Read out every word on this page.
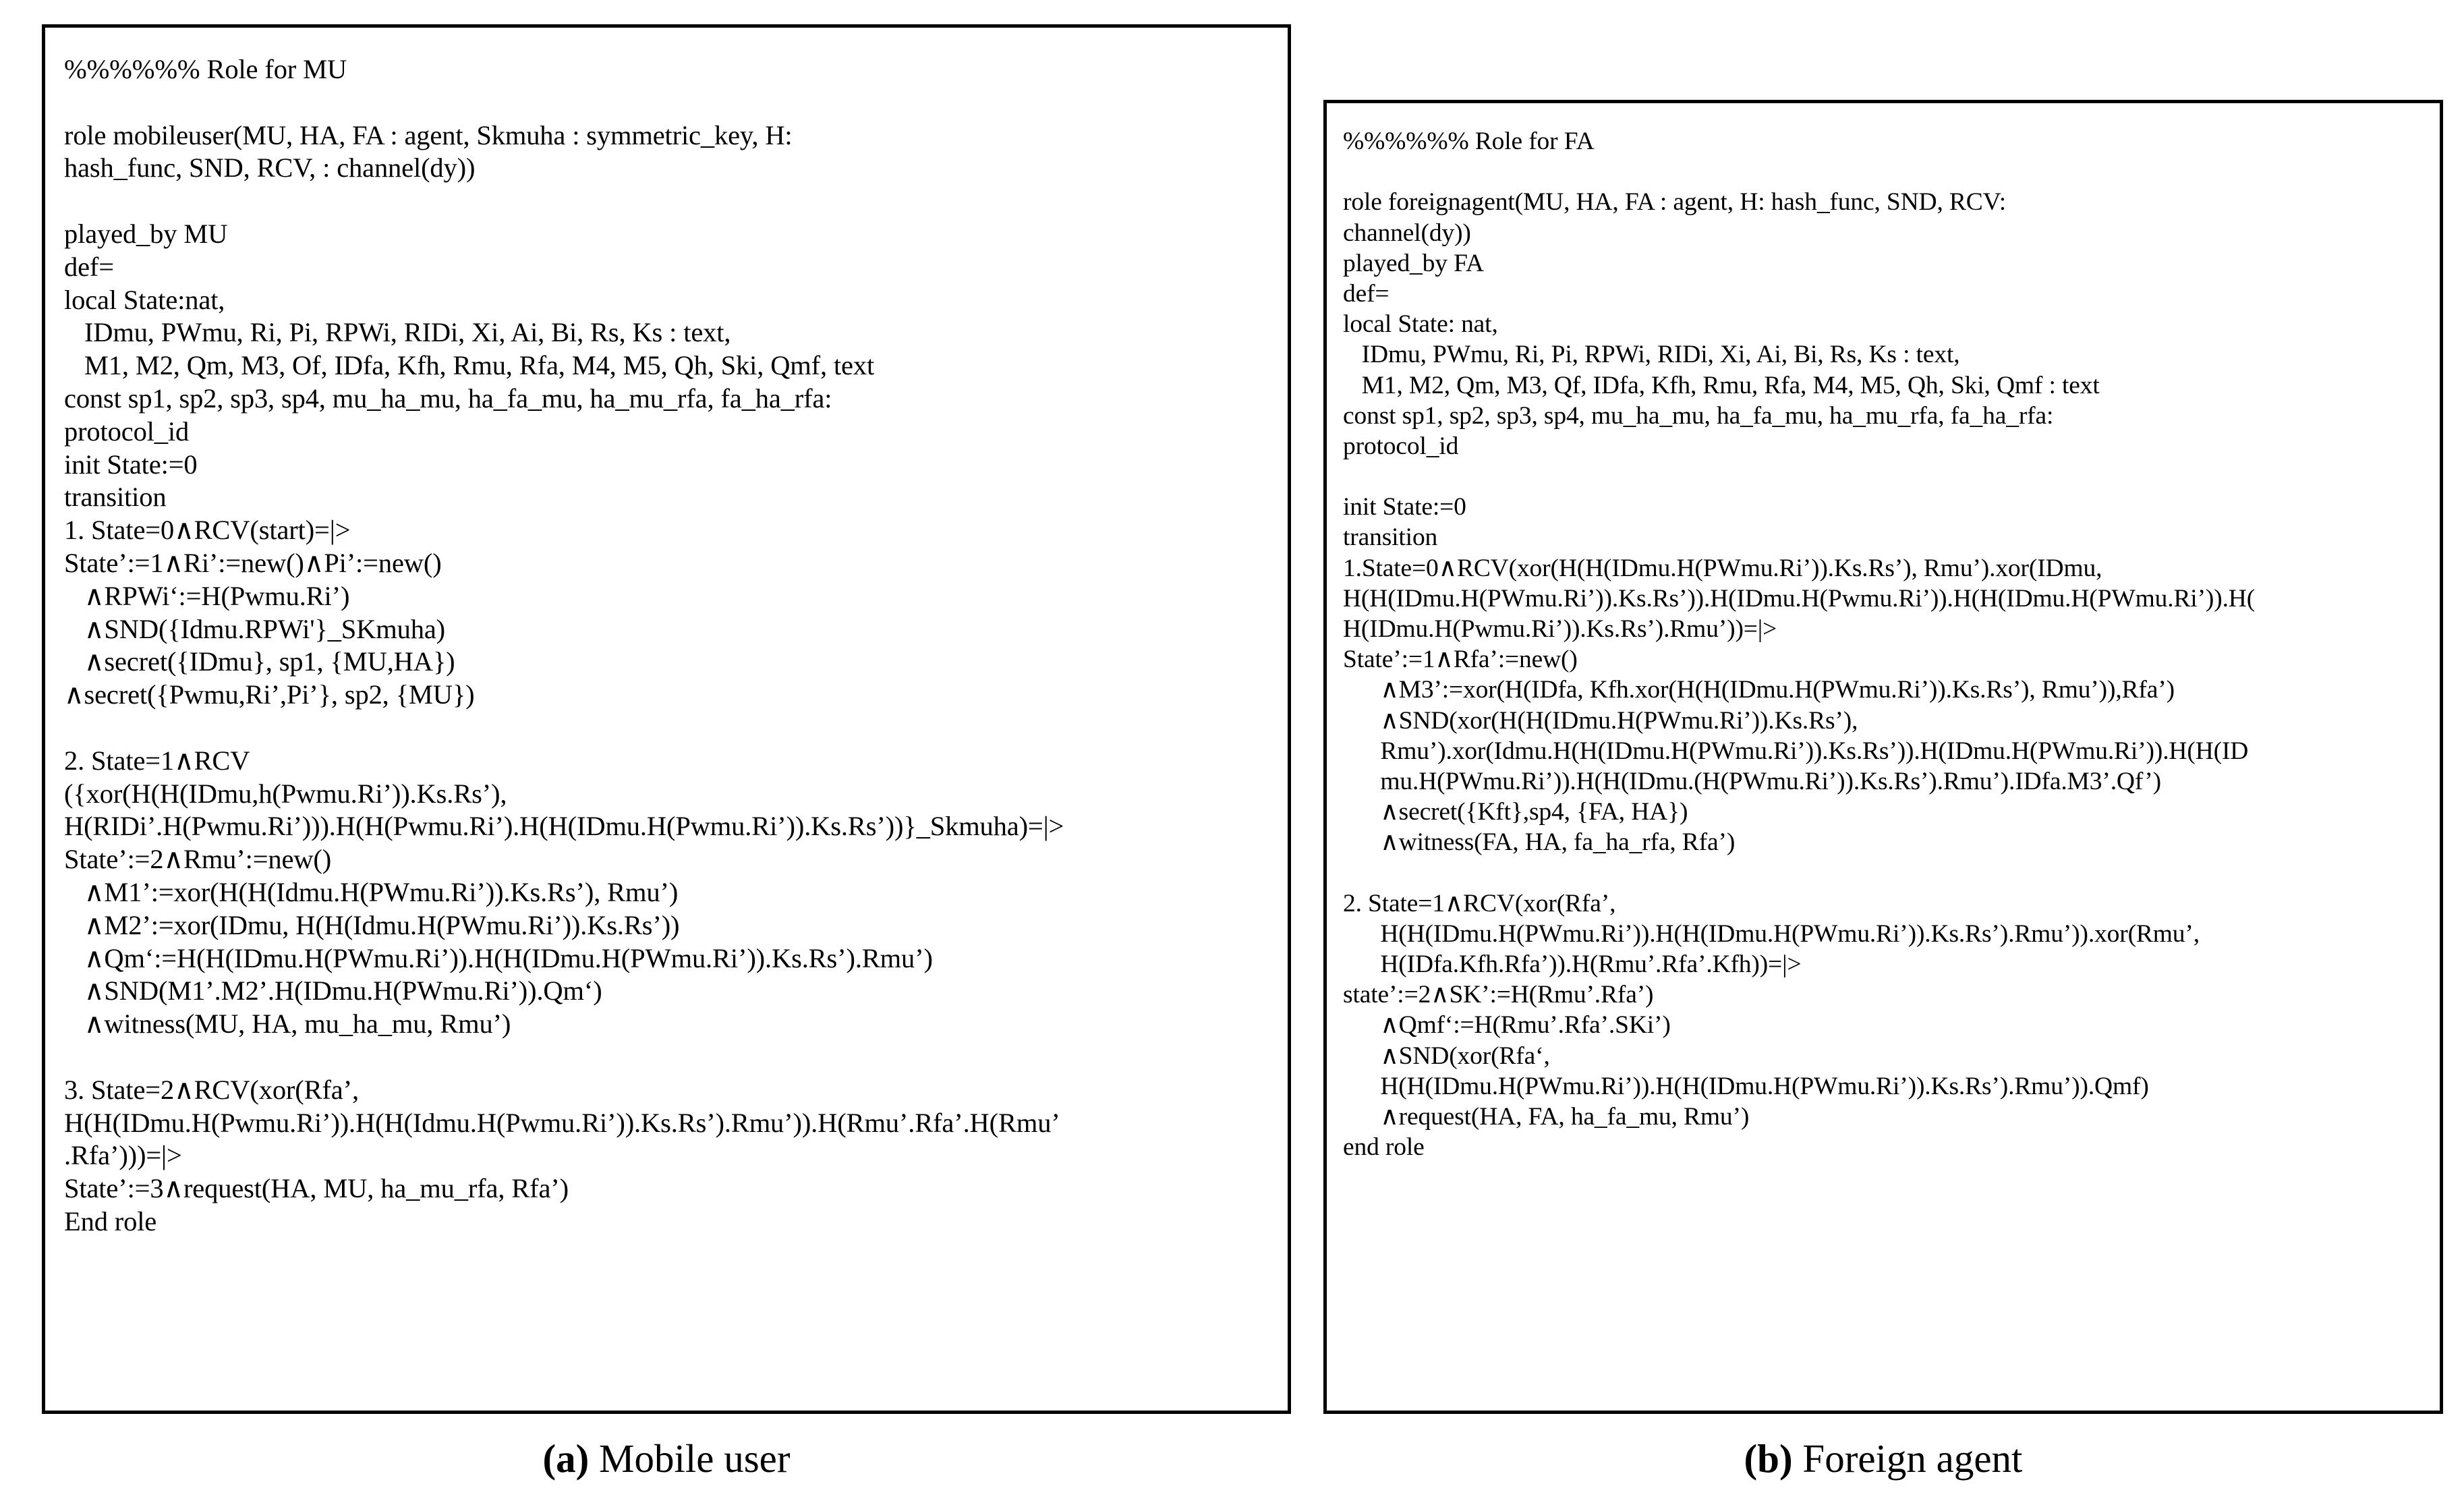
%%%%%% Role for MU

role mobileuser(MU, HA, FA : agent, Skmuha : symmetric_key, H:
hash_func, SND, RCV, : channel(dy))

played_by MU
def=
local State:nat,
IDmu, PWmu, Ri, Pi, RPWi, RIDi, Xi, Ai, Bi, Rs, Ks : text,
M1, M2, Qm, M3, Of, IDfa, Kfh, Rmu, Rfa, M4, M5, Qh, Ski, Qmf, text
const sp1, sp2, sp3, sp4, mu_ha_mu, ha_fa_mu, ha_mu_rfa, fa_ha_rfa:
protocol_id
init State:=0
transition
1. State=0∧RCV(start)=|>
State’:=1∧Ri’:=new()∧Pi’:=new()
∧RPWi‘:=H(Pwmu.Ri’)
∧SND({Idmu.RPWi'}_SKmuha)
∧secret({IDmu}, sp1, {MU,HA})
∧secret({Pwmu,Ri’,Pi’}, sp2, {MU})

2. State=1∧RCV
({xor(H(H(IDmu,h(Pwmu.Ri’)).Ks.Rs’),
H(RIDi’.H(Pwmu.Ri’))).H(H(Pwmu.Ri’).H(H(IDmu.H(Pwmu.Ri’)).Ks.Rs’))}_Skmuha)=|>
State’:=2∧Rmu’:=new()
∧M1’:=xor(H(H(Idmu.H(PWmu.Ri’)).Ks.Rs’), Rmu’)
∧M2’:=xor(IDmu, H(H(Idmu.H(PWmu.Ri’)).Ks.Rs’))
∧Qm‘:=H(H(IDmu.H(PWmu.Ri’)).H(H(IDmu.H(PWmu.Ri’)).Ks.Rs’).Rmu’)
∧SND(M1’.M2’.H(IDmu.H(PWmu.Ri’)).Qm‘)
∧witness(MU, HA, mu_ha_mu, Rmu’)

3. State=2∧RCV(xor(Rfa’,
H(H(IDmu.H(Pwmu.Ri’)).H(H(Idmu.H(Pwmu.Ri’)).Ks.Rs’).Rmu’)).H(Rmu’.Rfa’.H(Rmu’
.Rfa’)))=|>
State’:=3∧request(HA, MU, ha_mu_rfa, Rfa’)
End role
%%%%%% Role for FA

role foreignagent(MU, HA, FA : agent, H: hash_func, SND, RCV:
channel(dy))
played_by FA
def=
local State: nat,
IDmu, PWmu, Ri, Pi, RPWi, RIDi, Xi, Ai, Bi, Rs, Ks : text,
M1, M2, Qm, M3, Qf, IDfa, Kfh, Rmu, Rfa, M4, M5, Qh, Ski, Qmf : text
const sp1, sp2, sp3, sp4, mu_ha_mu, ha_fa_mu, ha_mu_rfa, fa_ha_rfa:
protocol_id

init State:=0
transition
1.State=0∧RCV(xor(H(H(IDmu.H(PWmu.Ri’)).Ks.Rs’), Rmu’).xor(IDmu,
H(H(IDmu.H(PWmu.Ri’)).Ks.Rs’)).H(IDmu.H(Pwmu.Ri’)).H(H(IDmu.H(PWmu.Ri’)).H(
H(IDmu.H(Pwmu.Ri’)).Ks.Rs’).Rmu’))=|>
State’:=1∧Rfa’:=new()
∧M3’:=xor(H(IDfa, Kfh.xor(H(H(IDmu.H(PWmu.Ri’)).Ks.Rs’), Rmu’)),Rfa’)
∧SND(xor(H(H(IDmu.H(PWmu.Ri’)).Ks.Rs’),
Rmu’).xor(Idmu.H(H(IDmu.H(PWmu.Ri’)).Ks.Rs’)).H(IDmu.H(PWmu.Ri’)).H(H(ID
mu.H(PWmu.Ri’)).H(H(IDmu.(H(PWmu.Ri’)).Ks.Rs’).Rmu’).IDfa.M3’.Qf’)
∧secret({Kft},sp4, {FA, HA})
∧witness(FA, HA, fa_ha_rfa, Rfa’)

2. State=1∧RCV(xor(Rfa’,
H(H(IDmu.H(PWmu.Ri’)).H(H(IDmu.H(PWmu.Ri’)).Ks.Rs’).Rmu’)).xor(Rmu’,
H(IDfa.Kfh.Rfa’)).H(Rmu’.Rfa’.Kfh))=|>
state’:=2∧SK’:=H(Rmu’.Rfa’)
∧Qmf‘:=H(Rmu’.Rfa’.SKi’)
∧SND(xor(Rfa‘,
H(H(IDmu.H(PWmu.Ri’)).H(H(IDmu.H(PWmu.Ri’)).Ks.Rs’).Rmu’)).Qmf)
∧request(HA, FA, ha_fa_mu, Rmu’)
end role
(a) Mobile user	(b) Foreign agent
